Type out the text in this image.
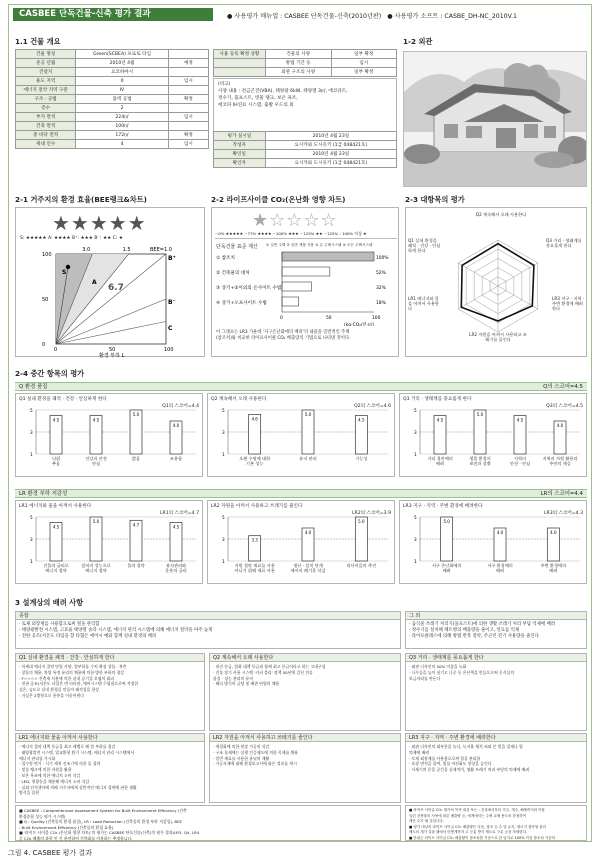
CASBEE 단독건물-신축 평가 결과	● 사용평가 매뉴얼 : CASBEE 단독건물-신축(2010년판) ● 사용평가 소프트 : CASBE_DH-NC_2010V.1
1.1 건물 개요
건물 명칭	Green(SCBEA) 프로토 타입	
준공 년월	2010년 4월	예정
건설지	요코하마시	
용도 지역	0	임시
에너지 절약 지역 구분	Ⅳ	
구조 · 공법	틀벽 공법	확정
층수	2	
부지 면적	224㎡	임시
건축 면적	100㎡	
총 바닥 면적	172㎡	확정
세대 인수	4	임시
사용 등록 확정 상황	건물의 사양	일부 확정
	방법 기간 등	임시
	외관 구조의 사양	일부 확정
(비고)
사양 내용 : 전금곤진(VBA), 태양광 6kW, 태양열 3㎡, 에코큐트,
정수기, 품프스트, 빗물 탱크, 보온 욕조,
에코파 IH연료 시스템, 출발 우드의 외
평가 실시일	2010년 4월 23일
작성자	요시카와 도시유키 (1급 048421호)
확인일	2010년 4월 23일
확인자	요시카와 도시유키 (1급 048421호)
1-2 외관
2-1 거주지의 환경 효율(BEE랭크&차트)
★★★★★
S: ★★★★★ A: ★★★★ B⁺: ★★★ B⁻: ★★ C: ★
3.0	1.5	BEE=1.0
6.7
S
A
B⁺
B⁻
C
100
50
0
0	50	100
환경 부하 L
2-2 라이프사이클 CO₂(온난화 영향 차트)
★☆☆☆☆
~0% ★★★★★ ~77% ★★★★ ~100% ★★★ ~125% ★★ ~125% : 100% 이상 ★
단독건물 표준 계산 ① 일반 주택 ② 일반 제품 사용 ③ 온 주택시스템 ④ 모든 주택시스템
① 참조치	100%
② 건축물의 대처	52%
③ 상기+②이외의 온사이트 수법	32%
④ 상기+오프사이트 수법	18%
0	50	100
(kg-CO₂/년·㎡)
이 그래프는 LR3 가운데 '지구온난화에의 배려'의 내용을 일반적인 주택
(참조치)와 비교한 라이프사이클 CO₂ 배출량의 기법으로 나타낸 것이다.
2-3 대항목의 평가
Q2 계속해서 오래 사용한다
Q1 실내 환경을 쾌적 · 건강 · 안심하게 한다
Q3 거리 · 생태계를 풍요롭게 한다
LR1 에너지와 물을 아껴서 사용한다
LR3 지구 · 지역 · 주변 환경에 배려한다
LR2 자원을 아껴서 사용하고 쓰레기를 줄인다
2-4 중간 항목의 평가
Q 환경 품질	Q의 스코어=4.5
LR 환경 부하 저감성	LR의 스코어=4.4
Q1 실내 환경을 쾌적 · 건강 · 안심하게 한다
Q1의 스코어=4.4
5
3
1
4.5	4.5
5.0
4.0
더위
추움
건강과 안전
안심
밝음	조용함
Q2 계속해서 오래 사용한다
Q2의 스코어=4.6
5
3
1
4.6
5.0
4.5
오랜 수명에 대한
기본 성능
유지 관리	기능성
Q3 거리 · 생태계를 풍요롭게 한다
Q3의 스코어=4.5
5
3
1
4.5
5.0
4.5
4.0
거리 경관에의
배려
생물 환경의
보전과 창출
지역의
안전 · 안심
지역의 자원 활용과
주민의 계승
LR1 에너지와 물을 아껴서 사용한다
LR1의 스코어=4.7
5
3
1
4.5
5.0
4.7	4.5
건물의 궁리로
에너지 절약
설비의 성능으로
에너지 절약
물의 절약	유지관리와
운용의 궁리
LR2 자원을 아껴서 사용하고 쓰레기를 줄인다
LR2의 스코어=3.9
5
3
1
3.3
4.0
5.0
지원 절약 재료를 사용
아니기 위해 재료 사용
생산 · 설치 단계
에서의 폐기물 삭감
리사이클의 촉진
LR3 지구 · 지역 · 주변 환경에 배려한다
LR3의 스코어=4.3
5
3
1
5.0
4.0	4.0
지구 온난화에의
배려
지구 환경에의
배려
주변 환경에의
배려
3 설계상의 배려 사항
종합
· 토제 외장재를 사용함으로써 열을 관리함
· 태양광발전 시스템, 고효율 태양열 솔라 시스템, 에너지 관리 시스템에 의해 에너지 절약을 아주 높게
· 전한 공조(저온도 타임을 할 타협은 에어시 예와 함께 실내 환경의 배려
그 외
· 음식물 쓰레기 처리기(품프스트)에 의한 생활 쓰레기 처리 부담 억제에 배려
· 정수기를 설치해 페트병의 배출량을 줄이고, 연료를 억제
· 라이프클래스에 의해 방법 반복 절약, 주근린 전기 사용량을 줄인다
Q1 실내 환경을 쾌적 · 건강 · 안심하게 한다
· 차세대 에너지 절약 단열 사양, 열부하를 수치 확장 창틀 · 복층
· 창틀의 채용, 차열 특정 유리의 채용에 의한 방한 부하의 경감
· F☆☆☆☆ 건축재 사용에 의한 실내 공기질 오염의 회피
· 전관 공조(저온도 타입은 변 타타관, 에어시스템 수립함으로써 적정한
실온, 습도로 실내 환경을 만들어 쾌적성을 향상
· 거실은 2방향으로 통풍을 이끌어낸다
Q2 계속해서 오래 사용한다
· 내진 등급, 열화 대책 등급과 함께 최고 등급이라고 하는 고내구성
· 건물 장기 사용 시스템 '키퍼 블리' 정책 50년에 걸친 건물
품질 · 성능 관리의 유지
· 헤더 방식의 급탕 및 배관 단열의 채용
Q3 거리 · 생태계를 풍요롭게 한다
· 외관 디자인의 50% 이상을 녹화
· 나무들을 높이 심기고 나중 등 온산책을 만들으로써 동식물의
보금자리를 만든다
LR1 에너지와 물을 아껴서 사용한다
· 에너지 절약 대책 등급을 최고 레벨로 해 열 부하를 경감
· 태양광발전 시스템, 열교환형 환기 시스템, 에너지 관리 시스템에서
에너지 관리를 가시화
· 절수형 변기 · 식기 세척 건조기에 의한 물 절약
· 빗물 탱크에 의한 자원을 활용
· 보온 욕조에 의한 에너지 소비 삭감
· LED, 형광등을 채용해 에너지 소비 삭감
· 실외 인지센서에 의해 거주자에게 실반적인 에너지 절약에 관한 생활
방식을 실현
LR2 자원을 아껴서 사용하고 쓰레기를 줄인다
· 재결화에 의한 현장 가공의 삭감
· 구조 틀재에는 실행 인증제도에 의한 목재를 채용
· 일반 재료를 사용한 유닛의 재활
· 가공자재에 대해 환경보고서에 따른 정보를 게시
LR3 지구 · 지역 · 주변 환경에 배려한다
· 외관 디자인의 대부분을 녹디, 녹지율 채적 쇠퇴 문 빛을 절제나 열
억제에 배려
· 토제 외장재를 사용함으로써 열을 관리함
· 포장 면적을 줄여, 빗물 이산화도 향상을 높인다
· 서세기의 문을 공간을 실제적이, 생활 쓰레기 처리 부담의 억제에 배려
■ CASBEE : Comprehensive Assessment System for Built Environment Efficiency (건축
환경종합 성능 평가 시스템)
■ Q : Quality (건축물의 환경 품질), LR : Load Reduction (건축물의 환경 부하 저감성), BEE
: Built Environment Efficiency (건축물의 환경 효율)
■ '라이프 사이클 CO₂ (온난화 영향 차트)'의 평가는 CASBEE 단독건물(신축)의 평가 결과(LR3, Q4, LR4
중 CO₂ 배출의 과학 인 간 관련하여 간략화를 이용하는 추정합니다.
■ 라이프 사이클 CO₂ 평가의 목적 대상 또는 : 건설에서부터 거주, 개수, 해체까지의 이용
일련 건축물의 사용에 따른 배출량 등, 에게에서는 주택 교체 용도의 한정하여
계산 수가 될 것입니다.
■ 평가 대상의 라이프 사이클 CO₂ 배출량은 다음, 참조 등 수 및 유지, 에너지 절약형 관리
제도의 계가 걸을 때에서 어떻게까지 고 등통 방식 제도로 구분 등을 자세한다.
■ 단위는 라이프 사이클 CO₂ 배출량이 참조치를 기준으로 한 달지로 100% 이상 참조치 기준의
그림 4. CASBEE 평가 결과
